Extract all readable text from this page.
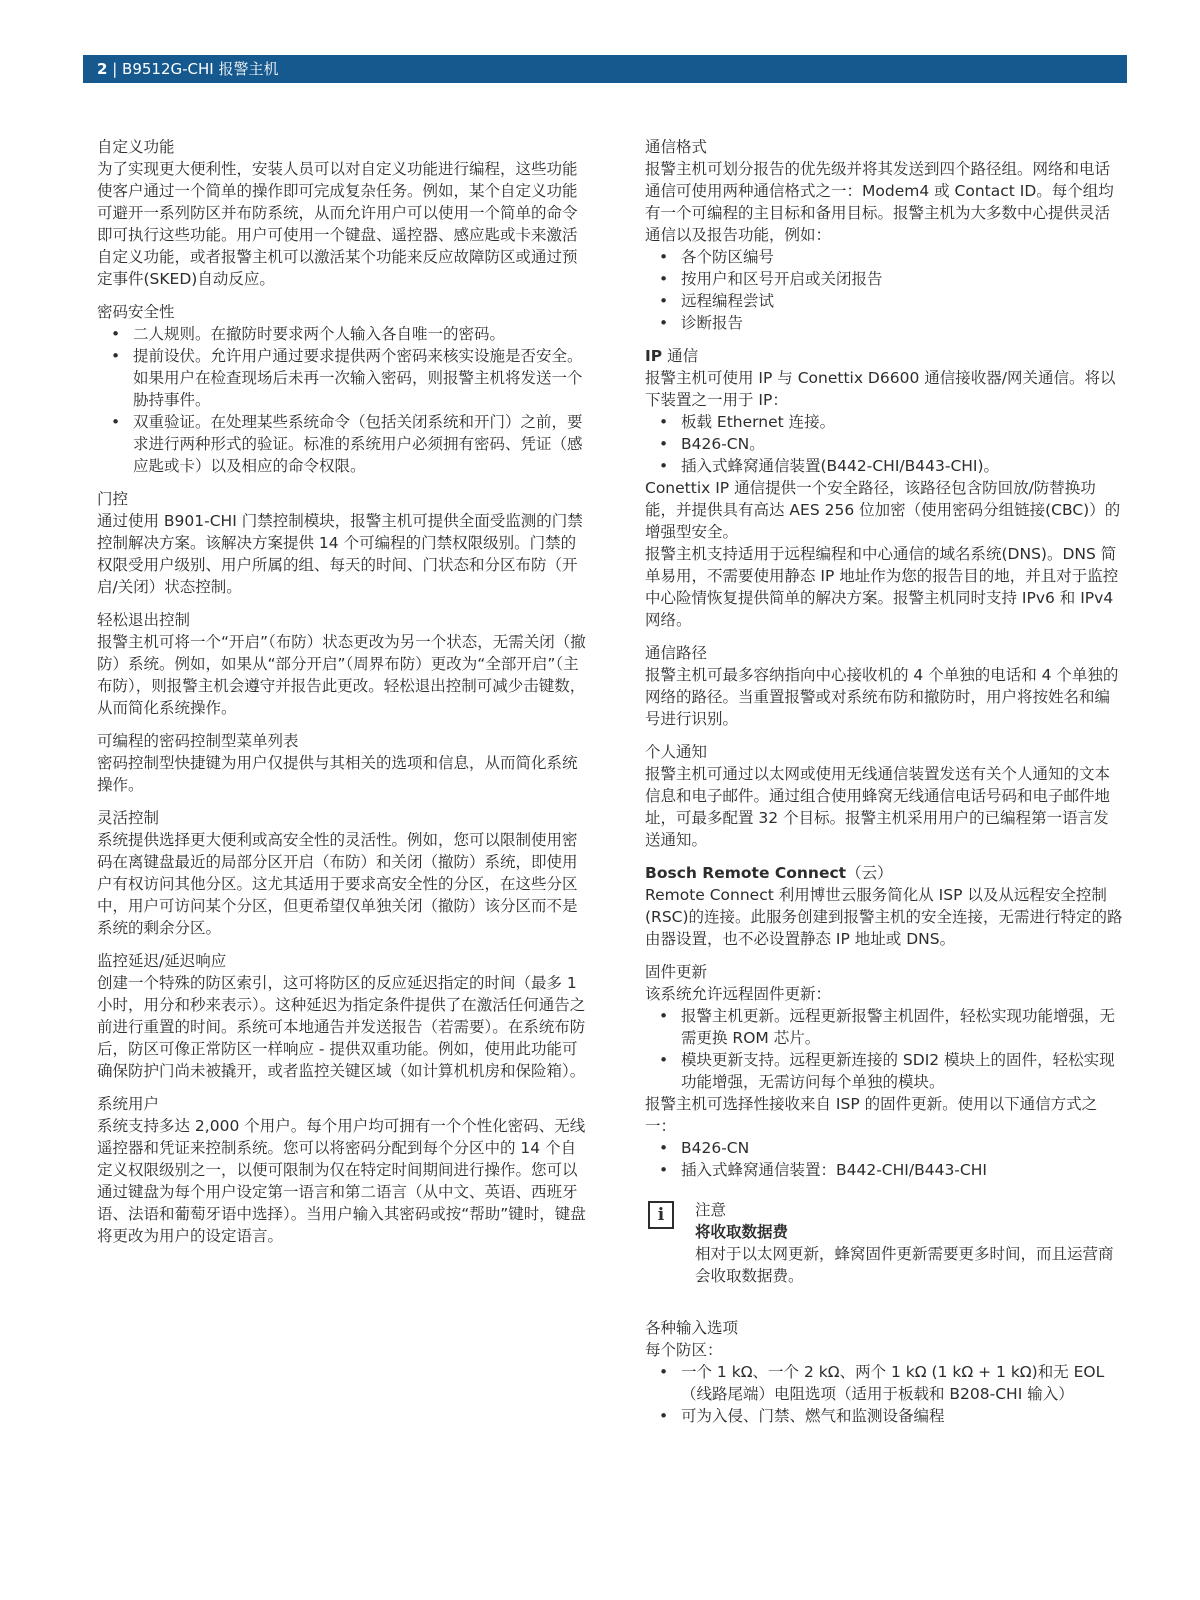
2 | B9512G-CHI 报警主机
自定义功能

为了实现更大便利性，安装人员可以对自定义功能进行编程，这些功能使客户通过一个简单的操作即可完成复杂任务。例如，某个自定义功能可避开一系列防区并布防系统，从而允许用户可以使用一个简单的命令即可执行这些功能。用户可使用一个键盘、遥控器、感应匙或卡来激活自定义功能，或者报警主机可以激活某个功能来反应故障防区或通过预定事件(SKED)自动反应。

密码安全性
• 二人规则。在撤防时要求两个人输入各自唯一的密码。
• 提前设伏。允许用户通过要求提供两个密码来核实设施是否安全。如果用户在检查现场后未再一次输入密码，则报警主机将发送一个胁持事件。
• 双重验证。在处理某些系统命令（包括关闭系统和开门）之前，要求进行两种形式的验证。标准的系统用户必须拥有密码、凭证（感应匙或卡）以及相应的命令权限。
门控

通过使用 B901-CHI 门禁控制模块，报警主机可提供全面受监测的门禁控制解决方案。该解决方案提供 14 个可编程的门禁权限级别。门禁的权限受用户级别、用户所属的组、每天的时间、门状态和分区布防（开启/关闭）状态控制。

轻松退出控制

报警主机可将一个“开启”（布防）状态更改为另一个状态，无需关闭（撤防）系统。例如，如果从“部分开启”（周界布防）更改为“全部开启”（主布防），则报警主机会遵守并报告此更改。轻松退出控制可减少击键数，从而简化系统操作。

可编程的密码控制型菜单列表

密码控制型快捷键为用户仅提供与其相关的选项和信息，从而简化系统操作。

灵活控制

系统提供选择更大便利或高安全性的灵活性。例如，您可以限制使用密码在离键盘最近的局部分区开启（布防）和关闭（撤防）系统，即使用户有权访问其他分区。这尤其适用于要求高安全性的分区，在这些分区中，用户可访问某个分区，但更希望仅单独关闭（撤防）该分区而不是系统的剩余分区。

监控延迟/延迟响应

创建一个特殊的防区索引，这可将防区的反应延迟指定的时间（最多 1 小时，用分和秒来表示）。这种延迟为指定条件提供了在激活任何通告之前进行重置的时间。系统可本地通告并发送报告（若需要）。在系统布防后，防区可像正常防区一样响应 - 提供双重功能。例如，使用此功能可确保防护门尚未被撬开，或者监控关键区域（如计算机机房和保险箱）。

系统用户

系统支持多达 2,000 个用户。每个用户均可拥有一个个性化密码、无线遥控器和凭证来控制系统。您可以将密码分配到每个分区中的 14 个自定义权限级别之一，以便可限制为仅在特定时间期间进行操作。您可以通过键盘为每个用户设定第一语言和第二语言（从中文、英语、西班牙语、法语和葡萄牙语中选择）。当用户输入其密码或按“帮助”键时，键盘将更改为用户的设定语言。

通信格式

报警主机可划分报告的优先级并将其发送到四个路径组。网络和电话通信可使用两种通信格式之一：Modem4 或 Contact ID。每个组均有一个可编程的主目标和备用目标。报警主机为大多数中心提供灵活通信以及报告功能，例如：

• 各个防区编号
• 按用户和区号开启或关闭报告
• 远程编程尝试
• 诊断报告
IP 通信

报警主机可使用 IP 与 Conettix D6600 通信接收器/网关通信。将以下装置之一用于 IP：

• 板载 Ethernet 连接。
• B426-CN。
• 插入式蜂窝通信装置(B442-CHI/B443-CHI)。

Conettix IP 通信提供一个安全路径，该路径包含防回放/防替换功能，并提供具有高达 AES 256 位加密（使用密码分组链接(CBC)）的增强型安全。

报警主机支持适用于远程编程和中心通信的域名系统(DNS)。DNS 简单易用，不需要使用静态 IP 地址作为您的报告目的地，并且对于监控中心险情恢复提供简单的解决方案。报警主机同时支持 IPv6 和 IPv4 网络。

通信路径

报警主机可最多容纳指向中心接收机的 4 个单独的电话和 4 个单独的网络的路径。当重置报警或对系统布防和撤防时，用户将按姓名和编号进行识别。

个人通知

报警主机可通过以太网或使用无线通信装置发送有关个人通知的文本信息和电子邮件。通过组合使用蜂窝无线通信电话号码和电子邮件地址，可最多配置 32 个目标。报警主机采用用户的已编程第一语言发送通知。

Bosch Remote Connect（云）

Remote Connect 利用博世云服务简化从 ISP 以及从远程安全控制(RSC)的连接。此服务创建到报警主机的安全连接，无需进行特定的路由器设置，也不必设置静态 IP 地址或 DNS。

固件更新

该系统允许远程固件更新：

• 报警主机更新。远程更新报警主机固件，轻松实现功能增强，无需更换 ROM 芯片。
• 模块更新支持。远程更新连接的 SDI2 模块上的固件，轻松实现功能增强，无需访问每个单独的模块。

报警主机可选择性接收来自 ISP 的固件更新。使用以下通信方式之一：

• B426-CN
• 插入式蜂窝通信装置：B442-CHI/B443-CHI
i	注意
将收取数据费

相对于以太网更新，蜂窝固件更新需要更多时间，而且运营商会收取数据费。

各种输入选项

每个防区：

• 一个 1 kΩ、一个 2 kΩ、两个 1 kΩ (1 kΩ + 1 kΩ)和无 EOL（线路尾端）电阻选项（适用于板载和 B208-CHI 输入）
• 可为入侵、门禁、燃气和监测设备编程
